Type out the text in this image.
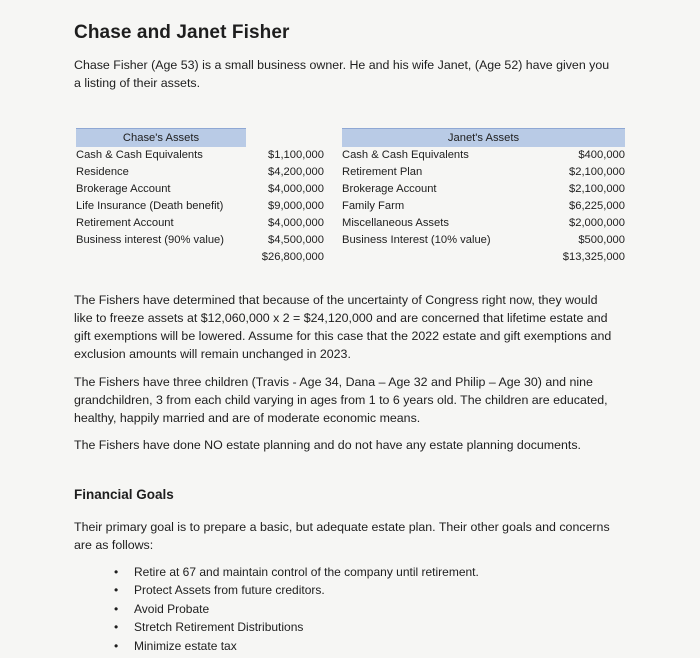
Chase and Janet Fisher
Chase Fisher (Age 53) is a small business owner. He and his wife Janet, (Age 52) have given you a listing of their assets.
Chase's Assets
Cash & Cash Equivalents	$1,100,000
Residence	$4,200,000
Brokerage Account	$4,000,000
Life Insurance (Death benefit)	$9,000,000
Retirement Account	$4,000,000
Business interest (90% value)	$4,500,000
$26,800,000
Janet's Assets
Cash & Cash Equivalents	$400,000
Retirement Plan	$2,100,000
Brokerage Account	$2,100,000
Family Farm	$6,225,000
Miscellaneous Assets	$2,000,000
Business Interest (10% value)	$500,000
$13,325,000
The Fishers have determined that because of the uncertainty of Congress right now, they would like to freeze assets at $12,060,000 x 2 = $24,120,000 and are concerned that lifetime estate and gift exemptions will be lowered. Assume for this case that the 2022 estate and gift exemptions and exclusion amounts will remain unchanged in 2023.
The Fishers have three children (Travis - Age 34, Dana – Age 32 and Philip – Age 30) and nine grandchildren, 3 from each child varying in ages from 1 to 6 years old. The children are educated, healthy, happily married and are of moderate economic means.
The Fishers have done NO estate planning and do not have any estate planning documents.
Financial Goals
Their primary goal is to prepare a basic, but adequate estate plan. Their other goals and concerns are as follows:
• Retire at 67 and maintain control of the company until retirement.
• Protect Assets from future creditors.
• Avoid Probate
• Stretch Retirement Distributions
• Minimize estate tax
